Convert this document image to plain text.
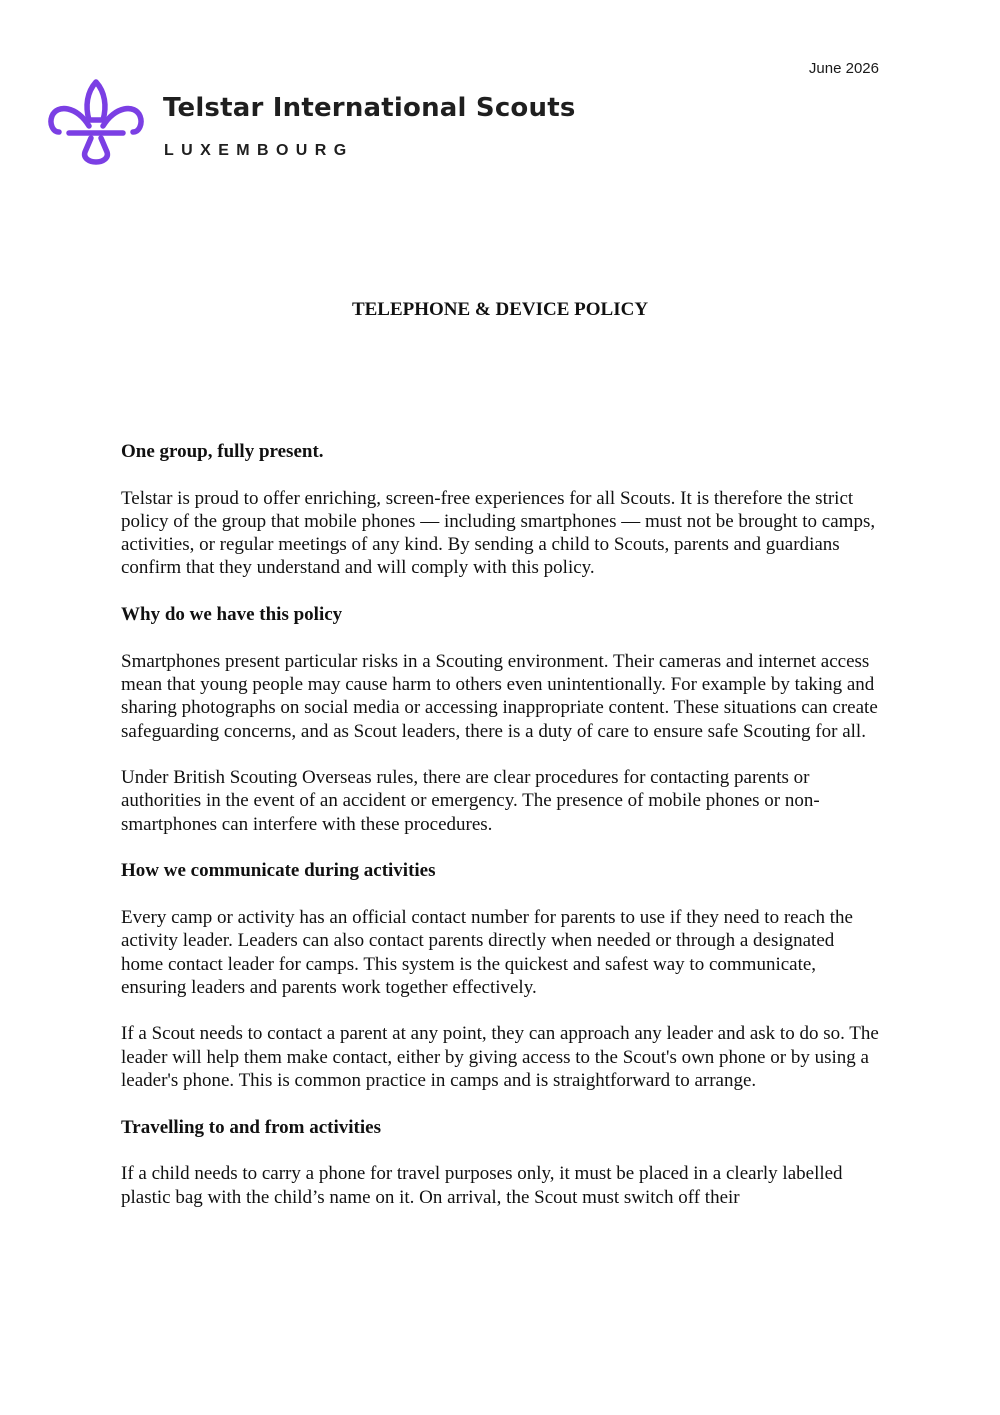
June 2026
Telstar International Scouts
LUXEMBOURG
TELEPHONE & DEVICE POLICY
One group, fully present.

Telstar is proud to offer enriching, screen-free experiences for all Scouts. It is therefore the strict policy of the group that mobile phones — including smartphones — must not be brought to camps, activities, or regular meetings of any kind. By sending a child to Scouts, parents and guardians confirm that they understand and will comply with this policy.

Why do we have this policy

Smartphones present particular risks in a Scouting environment. Their cameras and internet access mean that young people may cause harm to others even unintentionally. For example by taking and sharing photographs on social media or accessing inappropriate content. These situations can create safeguarding concerns, and as Scout leaders, there is a duty of care to ensure safe Scouting for all.

Under British Scouting Overseas rules, there are clear procedures for contacting parents or authorities in the event of an accident or emergency. The presence of mobile phones or non-smartphones can interfere with these procedures.

How we communicate during activities

Every camp or activity has an official contact number for parents to use if they need to reach the activity leader. Leaders can also contact parents directly when needed or through a designated home contact leader for camps. This system is the quickest and safest way to communicate, ensuring leaders and parents work together effectively.

If a Scout needs to contact a parent at any point, they can approach any leader and ask to do so. The leader will help them make contact, either by giving access to the Scout's own phone or by using a leader's phone. This is common practice in camps and is straightforward to arrange.

Travelling to and from activities

If a child needs to carry a phone for travel purposes only, it must be placed in a clearly labelled plastic bag with the child’s name on it. On arrival, the Scout must switch off their
